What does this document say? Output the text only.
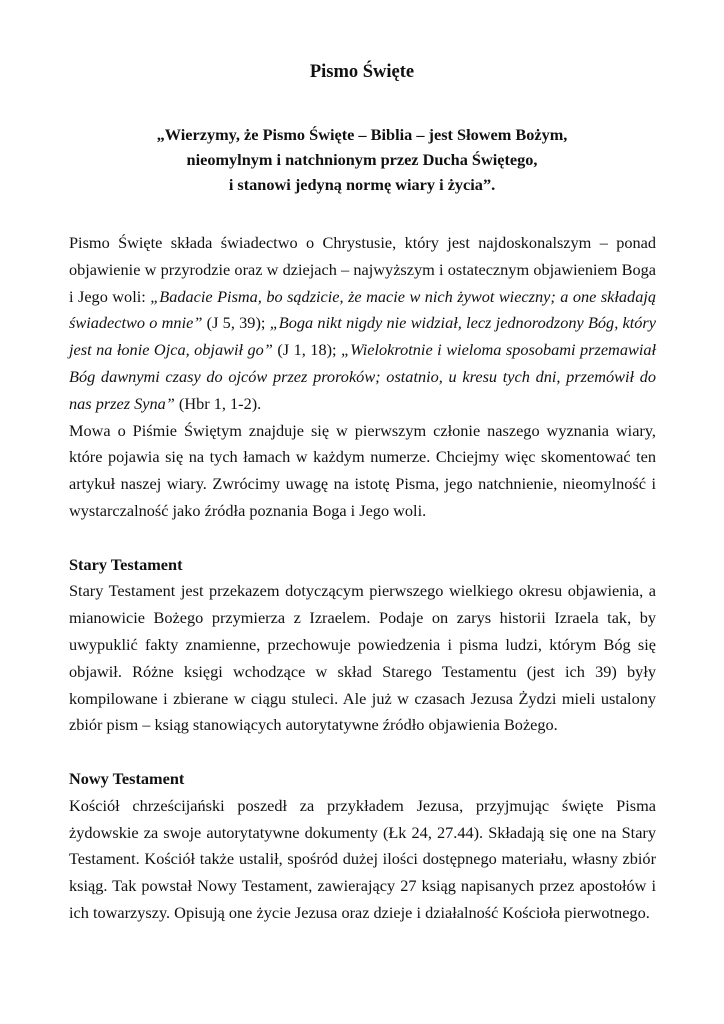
Pismo Święte
„Wierzymy, że Pismo Święte – Biblia – jest Słowem Bożym,
nieomylnym i natchnionym przez Ducha Świętego,
i stanowi jedyną normę wiary i życia”.

Pismo Święte składa świadectwo o Chrystusie, który jest najdoskonalszym – ponad objawienie w przyrodzie oraz w dziejach – najwyższym i ostatecznym objawieniem Boga i Jego woli: „Badacie Pisma, bo sądzicie, że macie w nich żywot wieczny; a one składają świadectwo o mnie” (J 5, 39); „Boga nikt nigdy nie widział, lecz jednorodzony Bóg, który jest na łonie Ojca, objawił go” (J 1, 18); „Wielokrotnie i wieloma sposobami przemawiał Bóg dawnymi czasy do ojców przez proroków; ostatnio, u kresu tych dni, przemówił do nas przez Syna” (Hbr 1, 1-2).

Mowa o Piśmie Świętym znajduje się w pierwszym członie naszego wyznania wiary, które pojawia się na tych łamach w każdym numerze. Chciejmy więc skomentować ten artykuł naszej wiary. Zwrócimy uwagę na istotę Pisma, jego natchnienie, nieomylność i wystarczalność jako źródła poznania Boga i Jego woli.

Stary Testament

Stary Testament jest przekazem dotyczącym pierwszego wielkiego okresu objawienia, a mianowicie Bożego przymierza z Izraelem. Podaje on zarys historii Izraela tak, by uwypuklić fakty znamienne, przechowuje powiedzenia i pisma ludzi, którym Bóg się objawił. Różne księgi wchodzące w skład Starego Testamentu (jest ich 39) były kompilowane i zbierane w ciągu stuleci. Ale już w czasach Jezusa Żydzi mieli ustalony zbiór pism – ksiąg stanowiących autorytatywne źródło objawienia Bożego.

Nowy Testament

Kościół chrześcijański poszedł za przykładem Jezusa, przyjmując święte Pisma żydowskie za swoje autorytatywne dokumenty (Łk 24, 27.44). Składają się one na Stary Testament. Kościół także ustalił, spośród dużej ilości dostępnego materiału, własny zbiór ksiąg. Tak powstał Nowy Testament, zawierający 27 ksiąg napisanych przez apostołów i ich towarzyszy. Opisują one życie Jezusa oraz dzieje i działalność Kościoła pierwotnego.
